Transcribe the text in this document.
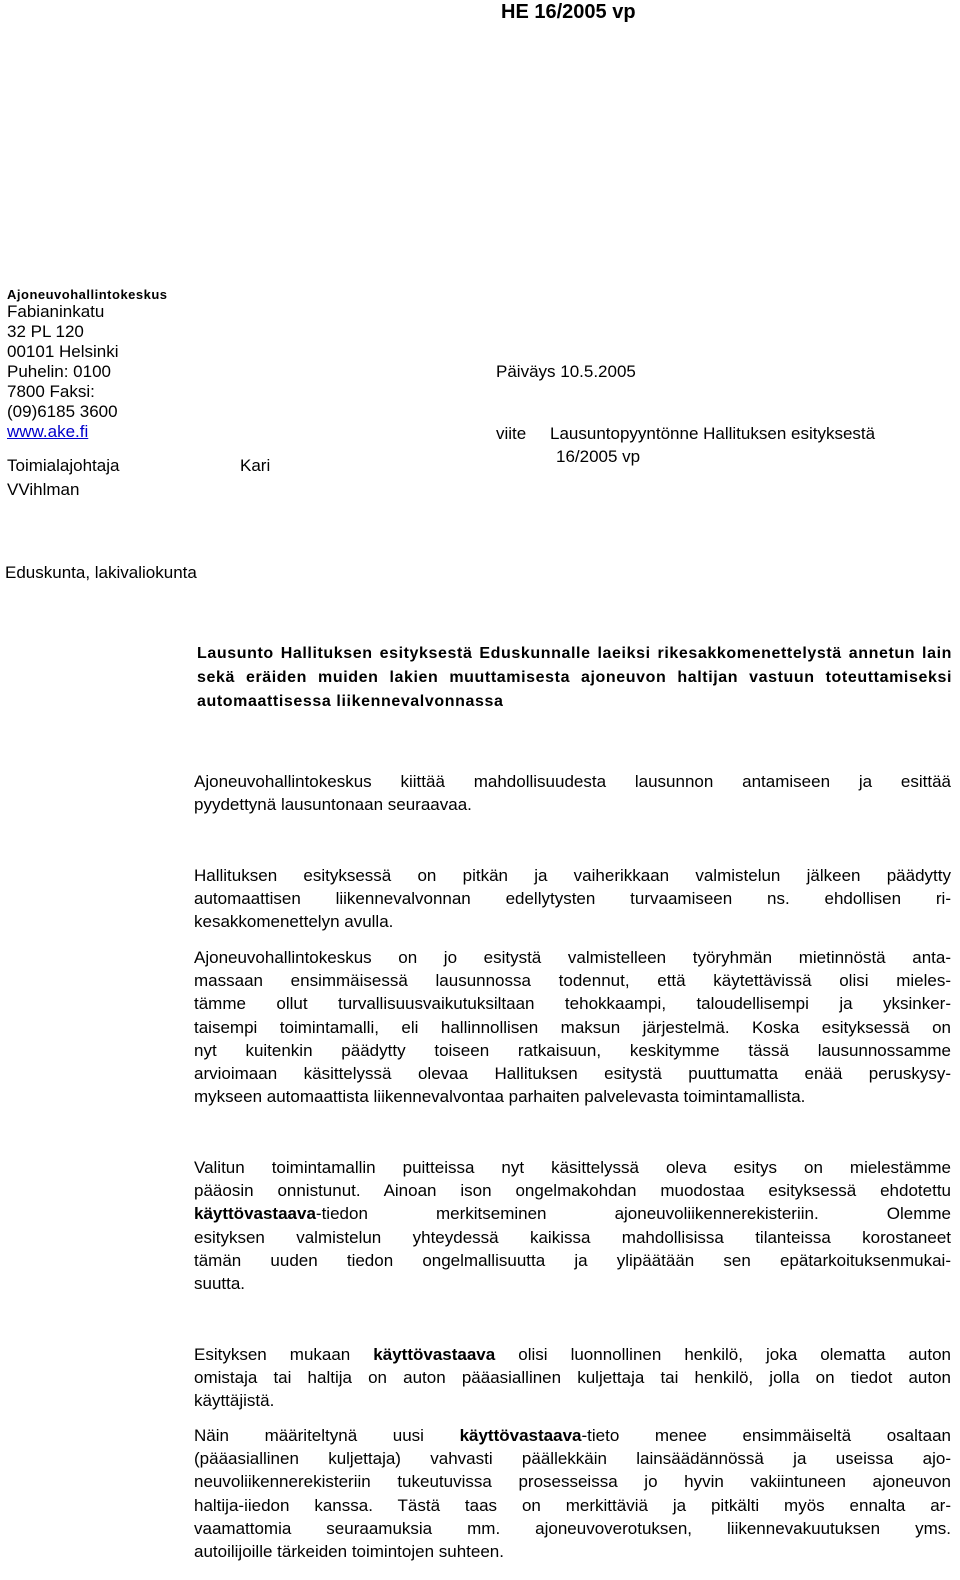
HE 16/2005 vp
Ajoneuvohallintokeskus
Fabianinkatu
32 PL 120
00101 Helsinki
Puhelin: 0100
7800 Faksi:
(09)6185 3600
www.ake.fi
Toimialajohtaja	Kari
VVihlman
Päiväys 10.5.2005
viite Lausuntopyyntönne Hallituksen esityksestä
16/2005 vp
Eduskunta, lakivaliokunta
Lausunto Hallituksen esityksestä Eduskunnalle laeiksi rikesakkomenettelystä annetun lain sekä eräiden muiden lakien muuttamisesta ajoneuvon haltijan vastuun toteuttamiseksi automaattisessa liikennevalvonnassa
Ajoneuvohallintokeskus kiittää mahdollisuudesta lausunnon antamiseen ja esittää
pyydettynä lausuntonaan seuraavaa.
Hallituksen esityksessä on pitkän ja vaiherikkaan valmistelun jälkeen päädytty
automaattisen liikennevalvonnan edellytysten turvaamiseen ns. ehdollisen ri-
kesakkomenettelyn avulla.
Ajoneuvohallintokeskus on jo esitystä valmistelleen työryhmän mietinnöstä anta-
massaan ensimmäisessä lausunnossa todennut, että käytettävissä olisi mieles-
tämme ollut turvallisuusvaikutuksiltaan tehokkaampi, taloudellisempi ja yksinker-
taisempi toimintamalli, eli hallinnollisen maksun järjestelmä. Koska esityksessä on
nyt kuitenkin päädytty toiseen ratkaisuun, keskitymme tässä lausunnossamme
arvioimaan käsittelyssä olevaa Hallituksen esitystä puuttumatta enää peruskysy-
mykseen automaattista liikennevalvontaa parhaiten palvelevasta toimintamallista.
Valitun toimintamallin puitteissa nyt käsittelyssä oleva esitys on mielestämme
pääosin onnistunut. Ainoan ison ongelmakohdan muodostaa esityksessä ehdotettu
käyttövastaava-tiedon merkitseminen ajoneuvoliikennerekisteriin. Olemme
esityksen valmistelun yhteydessä kaikissa mahdollisissa tilanteissa korostaneet
tämän uuden tiedon ongelmallisuutta ja ylipäätään sen epätarkoituksenmukai-
suutta.
Esityksen mukaan käyttövastaava olisi luonnollinen henkilö, joka olematta auton
omistaja tai haltija on auton pääasiallinen kuljettaja tai henkilö, jolla on tiedot auton
käyttäjistä.
Näin määriteltynä uusi käyttövastaava-tieto menee ensimmäiseltä osaltaan
(pääasiallinen kuljettaja) vahvasti päällekkäin lainsäädännössä ja useissa ajo-
neuvoliikennerekisteriin tukeutuvissa prosesseissa jo hyvin vakiintuneen ajoneuvon
haltija-iiedon kanssa. Tästä taas on merkittäviä ja pitkälti myös ennalta ar-
vaamattomia seuraamuksia mm. ajoneuvoverotuksen, liikennevakuutuksen yms.
autoilijoille tärkeiden toimintojen suhteen.
